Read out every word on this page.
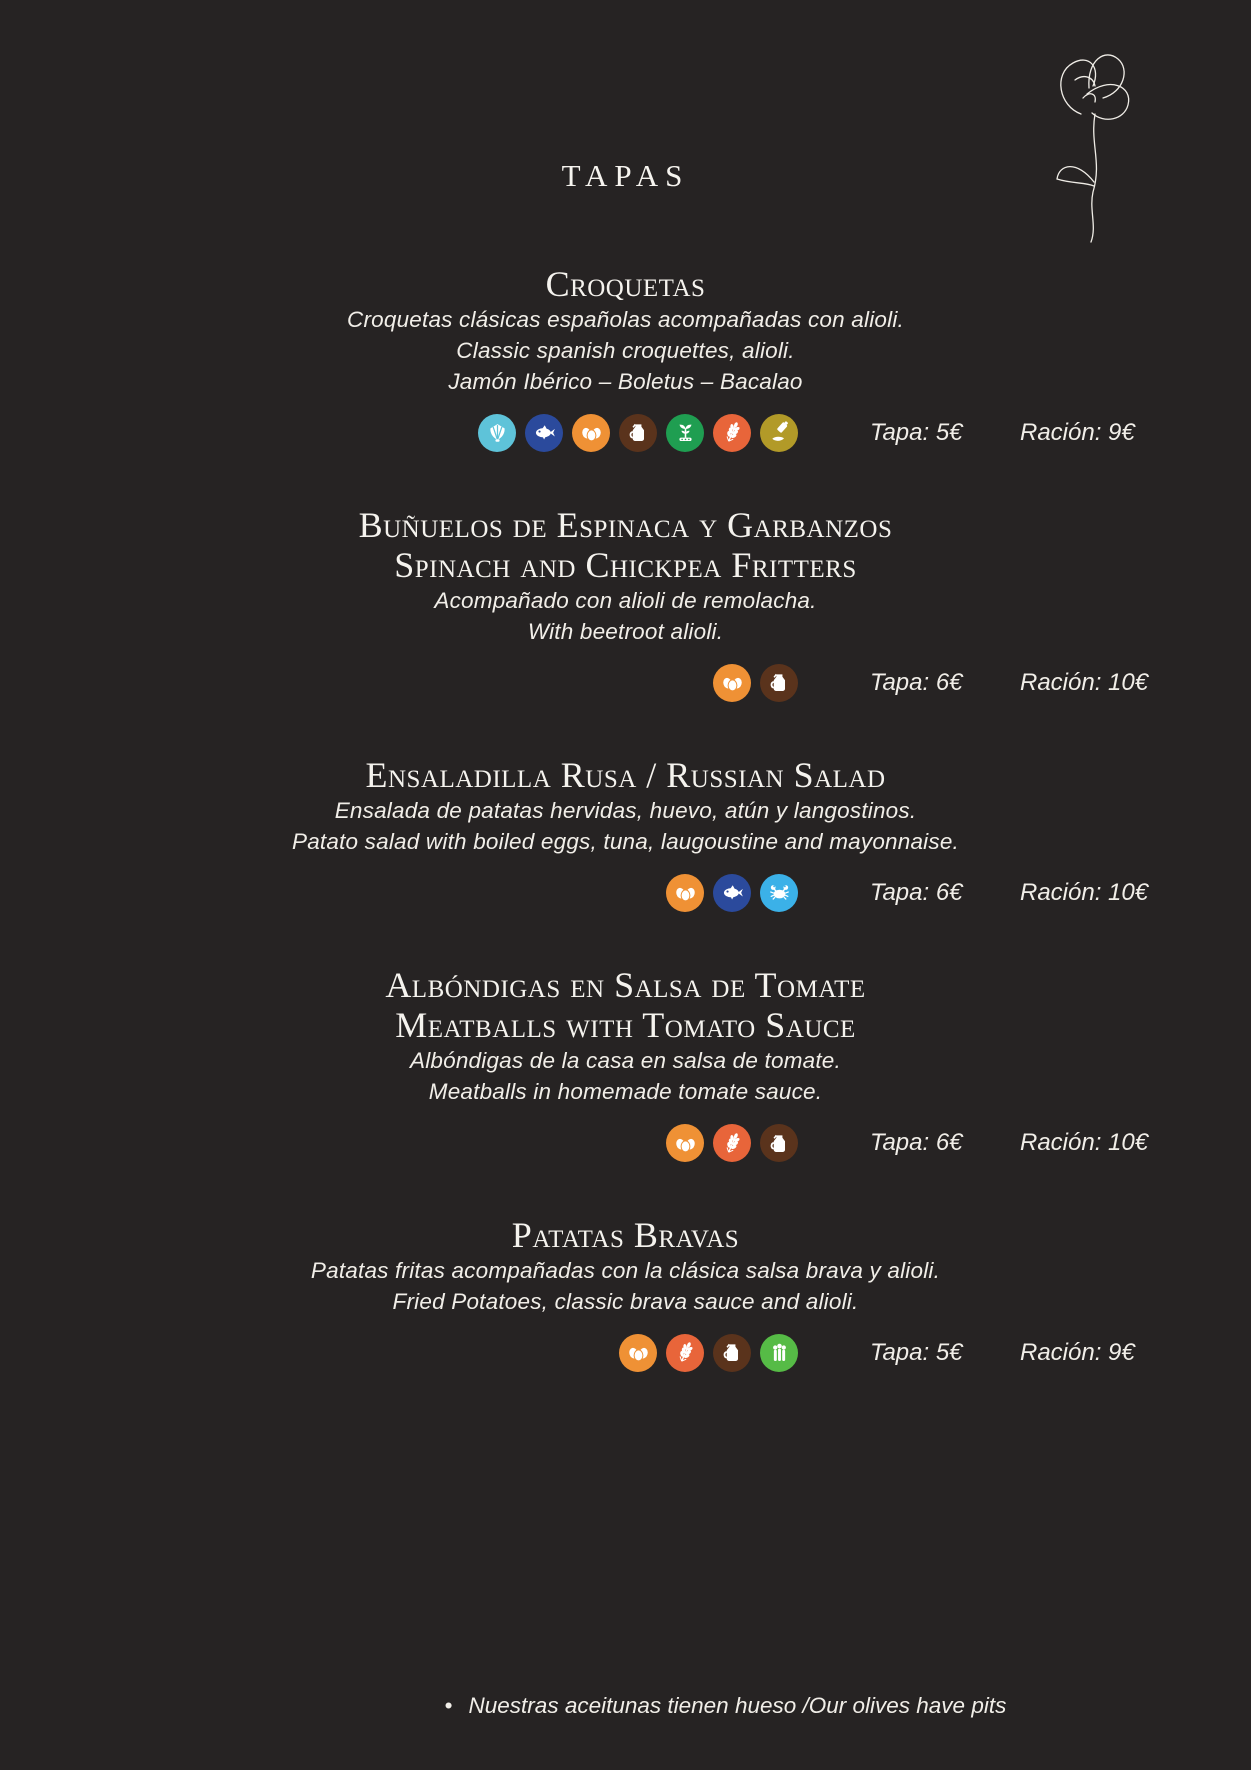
TAPAS
Croquetas

Croquetas clásicas españolas acompañadas con alioli.

Classic spanish croquettes, alioli.

Jamón Ibérico – Boletus – Bacalao

Tapa: 5€	Ración: 9€
Buñuelos de Espinaca y Garbanzos
Spinach and Chickpea Fritters

Acompañado con alioli de remolacha.

With beetroot alioli.

Tapa: 6€	Ración: 10€
Ensaladilla Rusa / Russian Salad

Ensalada de patatas hervidas, huevo, atún y langostinos.

Patato salad with boiled eggs, tuna, laugoustine and mayonnaise.

Tapa: 6€	Ración: 10€
Albóndigas en Salsa de Tomate
Meatballs with Tomato Sauce

Albóndigas de la casa en salsa de tomate.

Meatballs in homemade tomate sauce.

Tapa: 6€	Ración: 10€
Patatas Bravas

Patatas fritas acompañadas con la clásica salsa brava y alioli.

Fried Potatoes, classic brava sauce and alioli.

Tapa: 5€	Ración: 9€
• Nuestras aceitunas tienen hueso /Our olives have pits
